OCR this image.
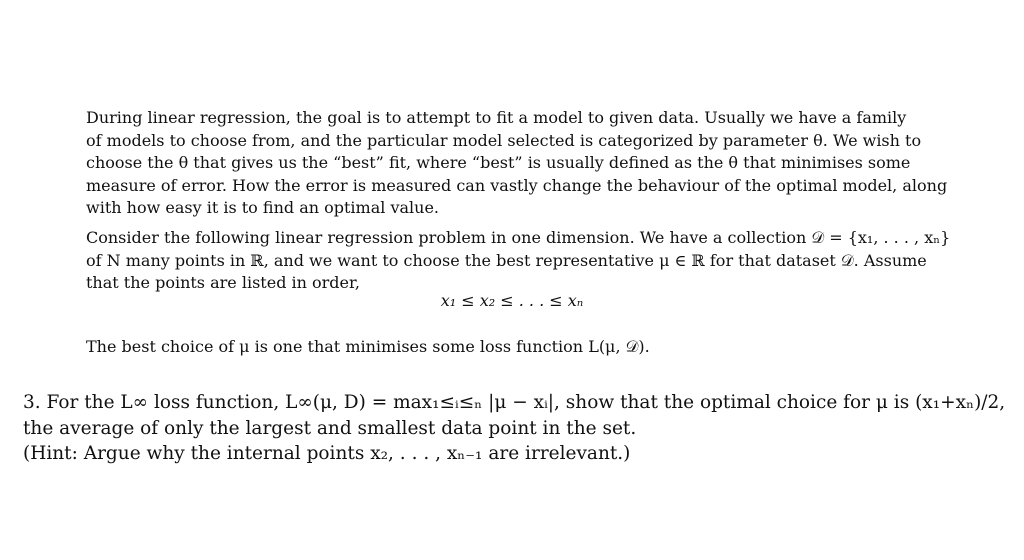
During linear regression, the goal is to attempt to fit a model to given data. Usually we have a family
of models to choose from, and the particular model selected is categorized by parameter θ. We wish to
choose the θ that gives us the “best” fit, where “best” is usually defined as the θ that minimises some
measure of error. How the error is measured can vastly change the behaviour of the optimal model, along
with how easy it is to find an optimal value.
Consider the following linear regression problem in one dimension. We have a collection 𝒟 = {x₁, . . . , xₙ}
of N many points in ℝ, and we want to choose the best representative μ ∈ ℝ for that dataset 𝒟. Assume
that the points are listed in order,
x₁ ≤ x₂ ≤ . . . ≤ xₙ
The best choice of μ is one that minimises some loss function L(μ, 𝒟).
3. For the L∞ loss function, L∞(μ, D) = max₁≤ᵢ≤ₙ |μ − xᵢ|, show that the optimal choice for μ is (x₁+xₙ)/2,
the average of only the largest and smallest data point in the set.
(Hint: Argue why the internal points x₂, . . . , xₙ₋₁ are irrelevant.)
